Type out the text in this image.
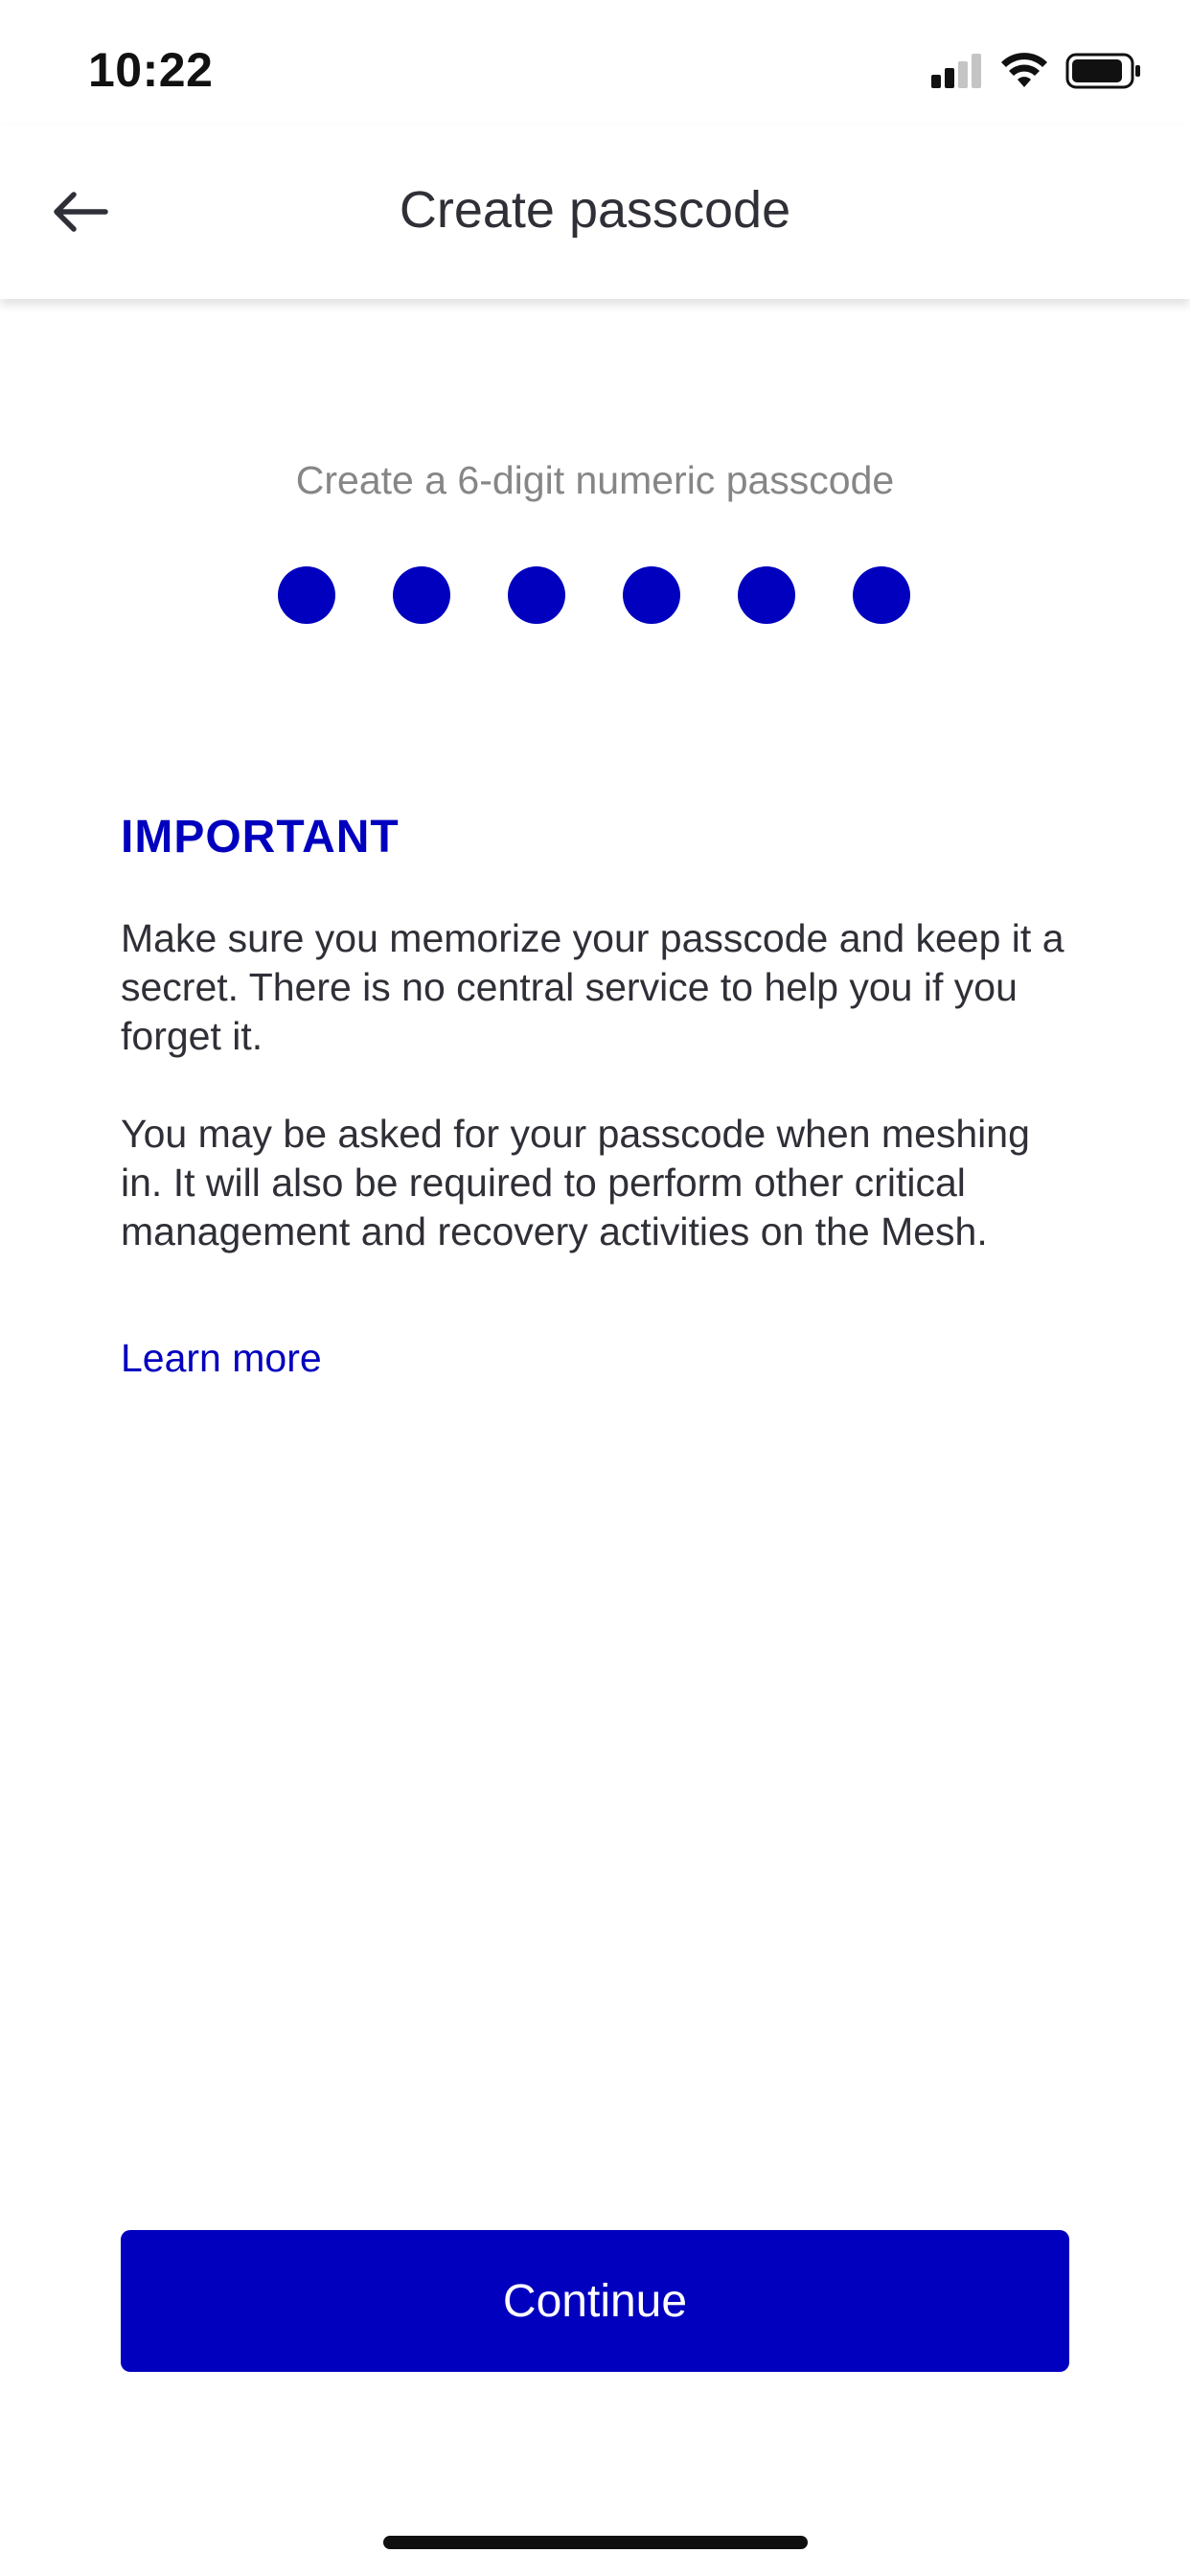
10:22
Create passcode
Create a 6-digit numeric passcode
IMPORTANT

Make sure you memorize your passcode and keep it a secret. There is no central service to help you if you forget it.

You may be asked for your passcode when meshing in. It will also be required to perform other critical management and recovery activities on the Mesh.

Learn more
Continue
